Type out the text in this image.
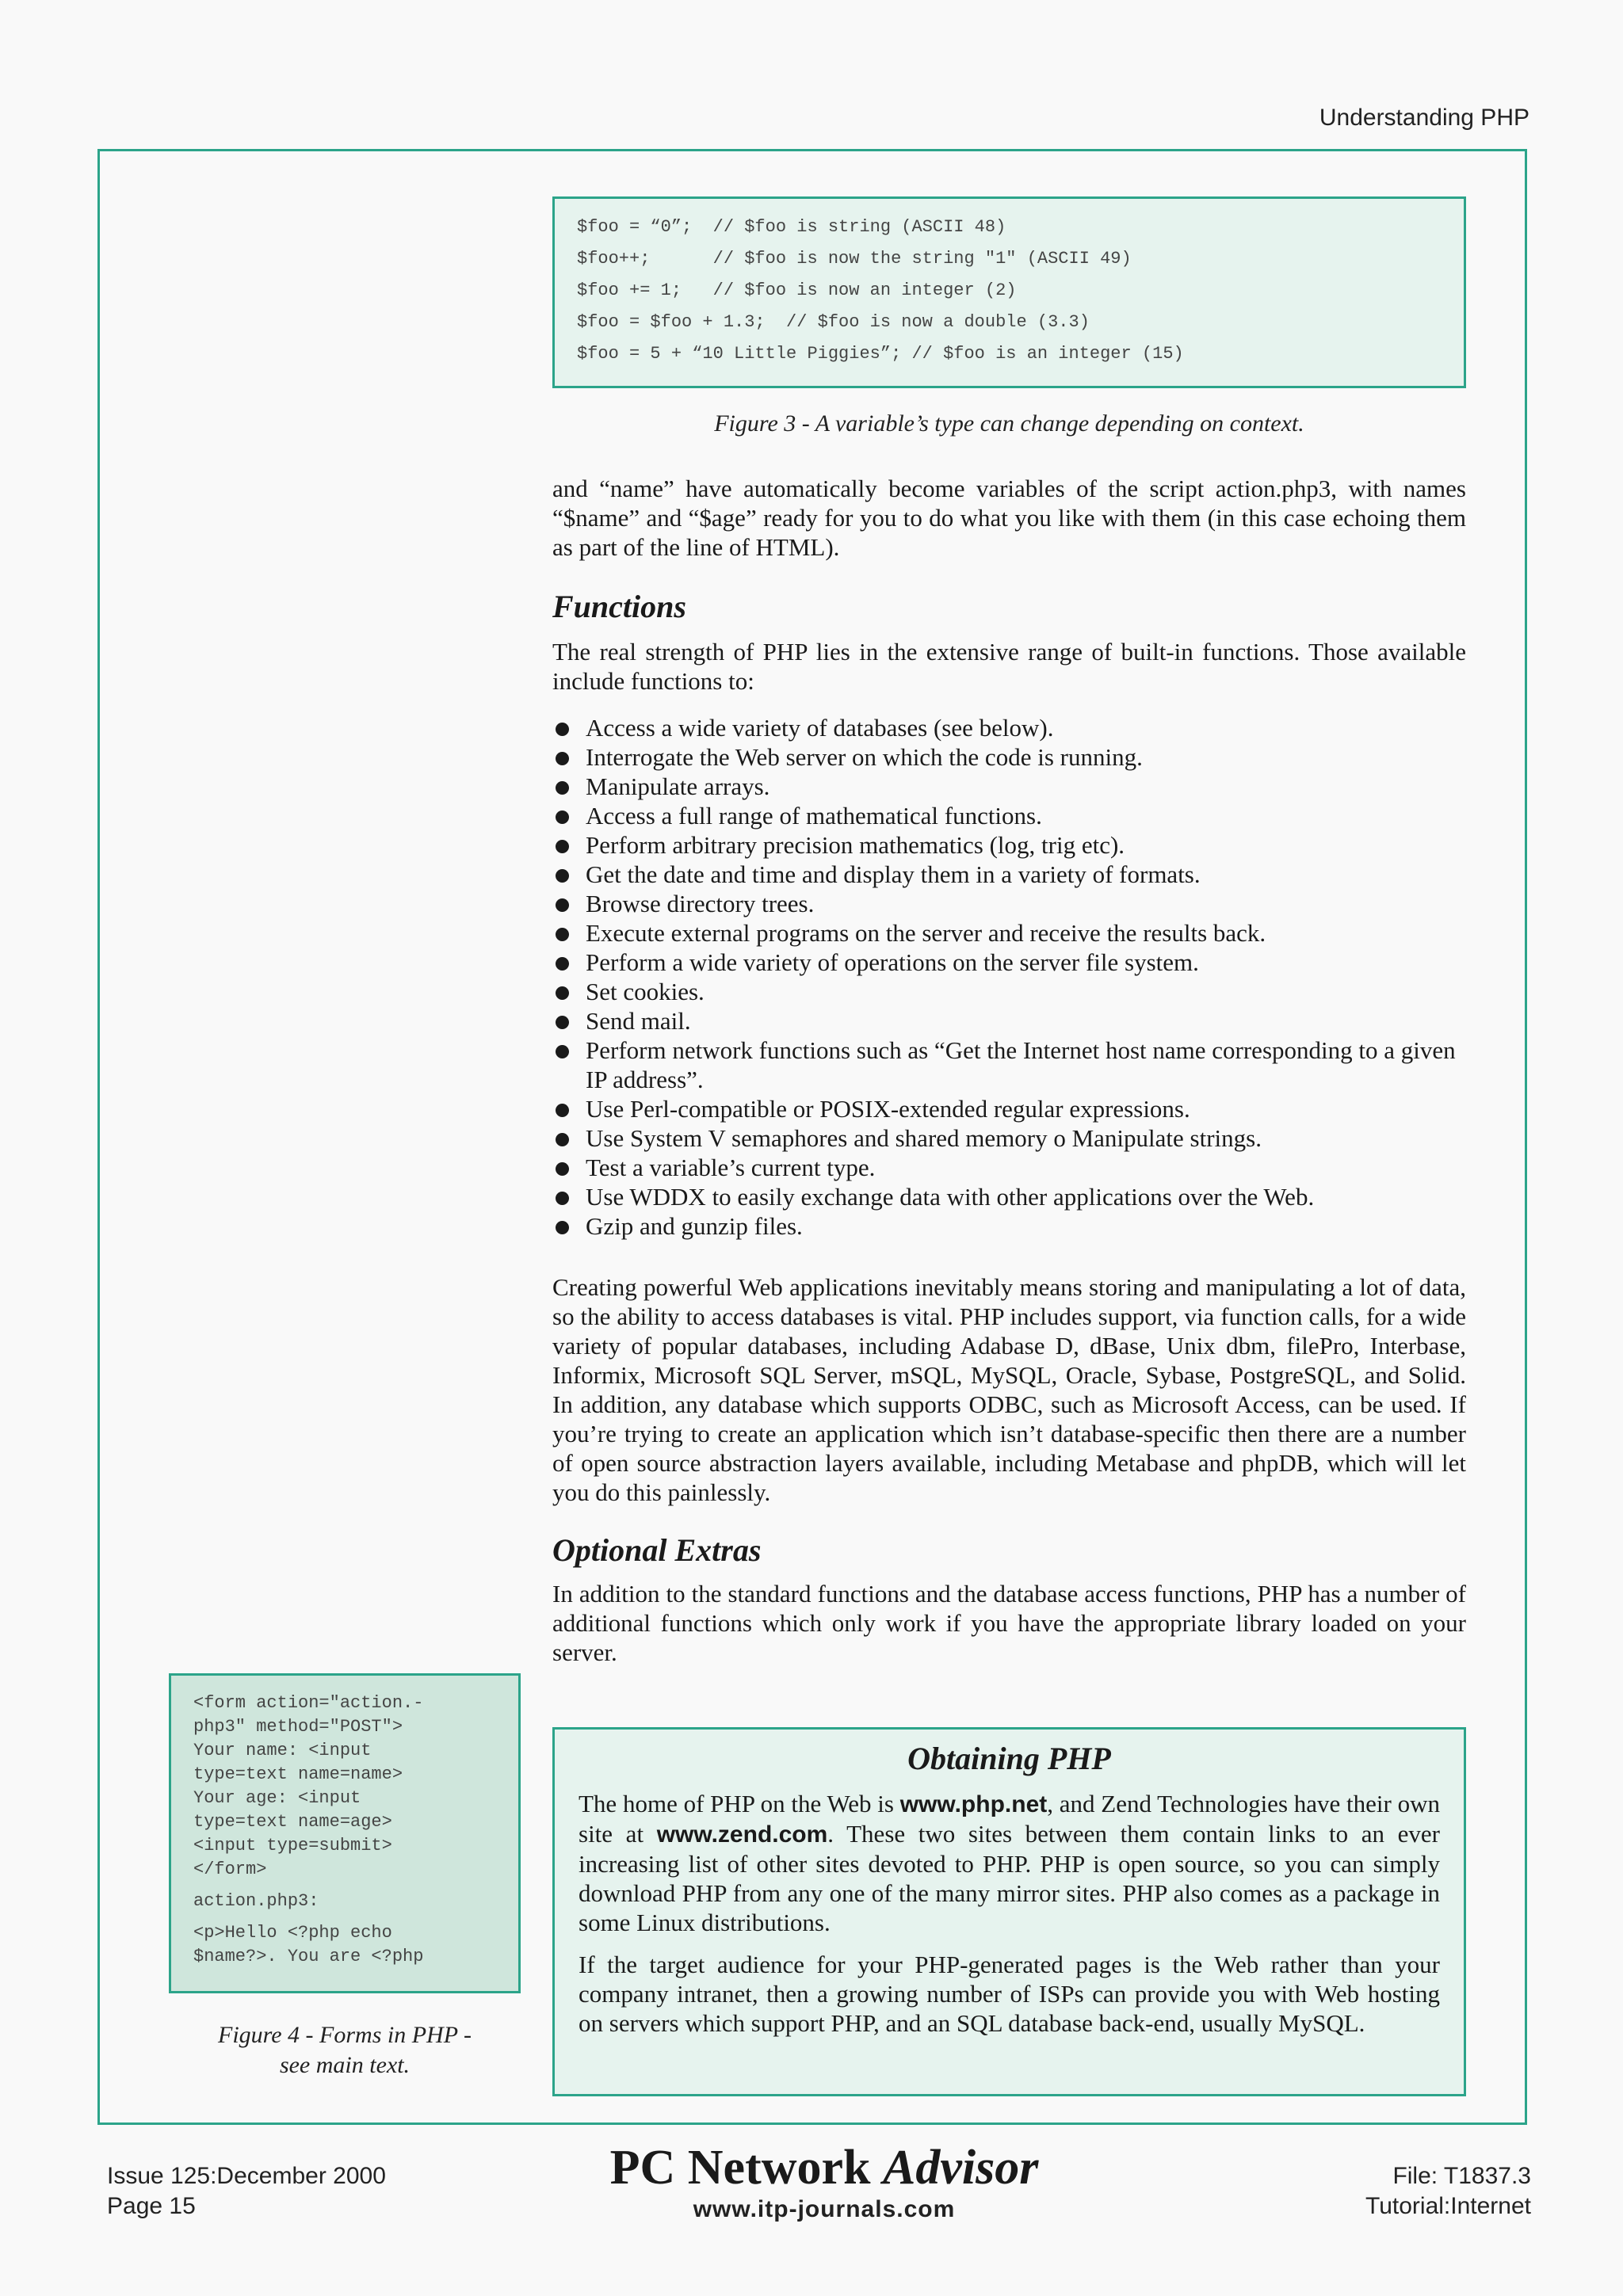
Understanding PHP
$foo = “0”;  // $foo is string (ASCII 48)
$foo++;      // $foo is now the string "1" (ASCII 49)
$foo += 1;   // $foo is now an integer (2)
$foo = $foo + 1.3;  // $foo is now a double (3.3)
$foo = 5 + “10 Little Piggies”; // $foo is an integer (15)
Figure 3 - A variable’s type can change depending on context.

and “name” have automatically become variables of the script action.php3, with names “$name” and “$age” ready for you to do what you like with them (in this case echoing them as part of the line of HTML).

Functions

The real strength of PHP lies in the extensive range of built-in functions. Those available include functions to:

Access a wide variety of databases (see below).
Interrogate the Web server on which the code is running.
Manipulate arrays.
Access a full range of mathematical functions.
Perform arbitrary precision mathematics (log, trig etc).
Get the date and time and display them in a variety of formats.
Browse directory trees.
Execute external programs on the server and receive the results back.
Perform a wide variety of operations on the server file system.
Set cookies.
Send mail.
Perform network functions such as “Get the Internet host name corresponding to a given IP address”.
Use Perl-compatible or POSIX-extended regular expressions.
Use System V semaphores and shared memory o Manipulate strings.
Test a variable’s current type.
Use WDDX to easily exchange data with other applications over the Web.
Gzip and gunzip files.

Creating powerful Web applications inevitably means storing and manipulating a lot of data, so the ability to access databases is vital. PHP includes support, via function calls, for a wide variety of popular databases, including Adabase D, dBase, Unix dbm, filePro, Interbase, Informix, Microsoft SQL Server, mSQL, MySQL, Oracle, Sybase, PostgreSQL, and Solid. In addition, any database which supports ODBC, such as Microsoft Access, can be used. If you’re trying to create an application which isn’t database-specific then there are a number of open source abstraction layers available, including Metabase and phpDB, which will let you do this painlessly.

Optional Extras

In addition to the standard functions and the database access functions, PHP has a number of additional functions which only work if you have the appropriate library loaded on your server.

Obtaining PHP

The home of PHP on the Web is www.php.net, and Zend Technologies have their own site at www.zend.com. These two sites between them contain links to an ever increasing list of other sites devoted to PHP. PHP is open source, so you can simply download PHP from any one of the many mirror sites. PHP also comes as a package in some Linux distributions.

If the target audience for your PHP-generated pages is the Web rather than your company intranet, then a growing number of ISPs can provide you with Web hosting on servers which support PHP, and an SQL database back-end, usually MySQL.

<form action="action.-
php3" method="POST">
Your name: <input
type=text name=name>
Your age: <input
type=text name=age>
<input type=submit>
</form>
action.php3:
<p>Hello <?php echo
$name?>. You are <?php
Figure 4 - Forms in PHP -
see main text.
Issue 125:December 2000
Page 15
PC Network Advisor
www.itp-journals.com
File: T1837.3
Tutorial:Internet
